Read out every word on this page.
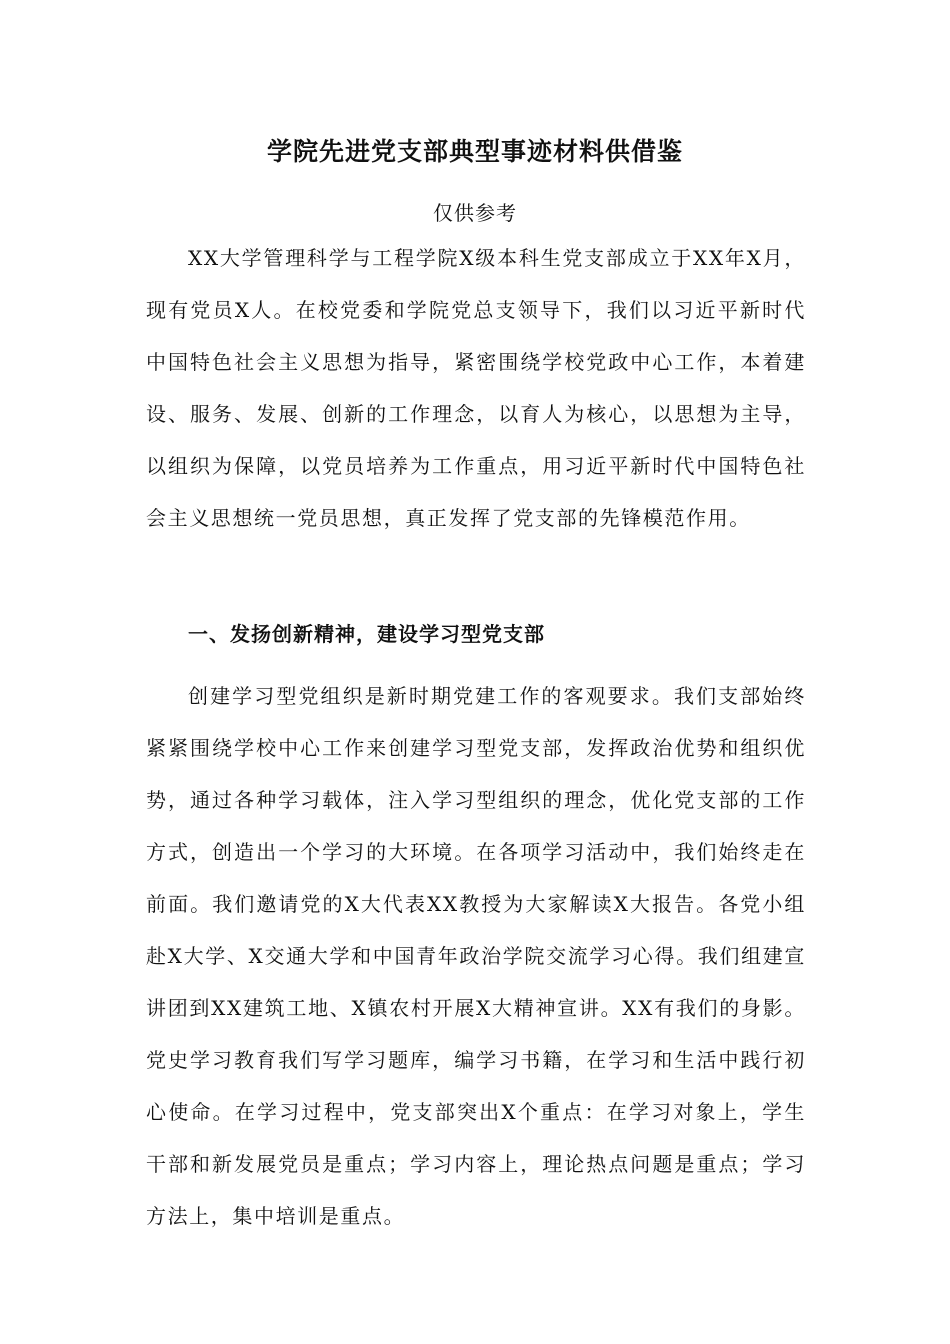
学院先进党支部典型事迹材料供借鉴
仅供参考

XX大学管理科学与工程学院X级本科生党支部成立于XX年X月，现有党员X人。在校党委和学院党总支领导下，我们以习近平新时代中国特色社会主义思想为指导，紧密围绕学校党政中心工作，本着建设、服务、发展、创新的工作理念，以育人为核心，以思想为主导，以组织为保障，以党员培养为工作重点，用习近平新时代中国特色社会主义思想统一党员思想，真正发挥了党支部的先锋模范作用。

一、发扬创新精神，建设学习型党支部

创建学习型党组织是新时期党建工作的客观要求。我们支部始终紧紧围绕学校中心工作来创建学习型党支部，发挥政治优势和组织优势，通过各种学习载体，注入学习型组织的理念，优化党支部的工作方式，创造出一个学习的大环境。在各项学习活动中，我们始终走在前面。我们邀请党的X大代表XX教授为大家解读X大报告。各党小组赴X大学、X交通大学和中国青年政治学院交流学习心得。我们组建宣讲团到XX建筑工地、X镇农村开展X大精神宣讲。XX有我们的身影。党史学习教育我们写学习题库，编学习书籍，在学习和生活中践行初心使命。在学习过程中，党支部突出X个重点：在学习对象上，学生干部和新发展党员是重点；学习内容上，理论热点问题是重点；学习方法上，集中培训是重点。
